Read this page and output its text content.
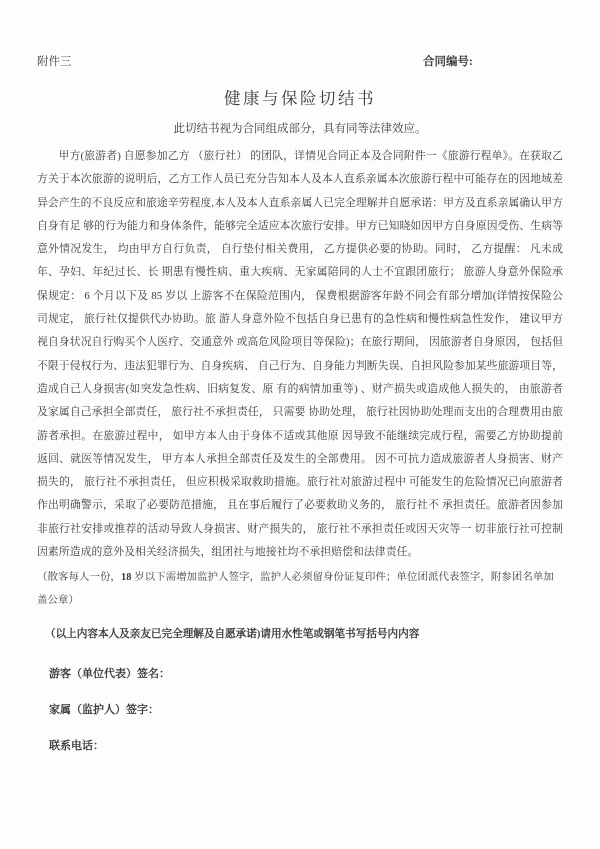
附件三	合同编号:
健康与保险切结书

此切结书视为合同组成部分，具有同等法律效应。

甲方(旅游者) 自愿参加乙方 （旅行社） 的团队，详情见合同正本及合同附件一《旅游行程单》。在获取乙方关于本次旅游的说明后，乙方工作人员已充分告知本人及本人直系亲属本次旅游行程中可能存在的因地域差异会产生的不良反应和旅途辛劳程度,本人及本人直系亲属人已完全理解并自愿承诺：甲方及直系亲属确认甲方自身有足 够的行为能力和身体条件，能够完全适应本次旅行安排。甲方已知晓如因甲方自身原因受伤、生病等意外情况发生， 均由甲方自行负责， 自行垫付相关费用， 乙方提供必要的协助。同时， 乙方提醒： 凡未成年、孕妇、年纪过长、长 期患有慢性病、重大疾病、无家属陪同的人士不宜跟团旅行； 旅游人身意外保险承保规定： 6 个月以下及 85 岁以 上游客不在保险范围内， 保费根据游客年龄不同会有部分增加(详情按保险公司规定， 旅行社仅提供代办协助。旅 游人身意外险不包括自身已患有的急性病和慢性病急性发作， 建议甲方视自身状况自行购买个人医疗、交通意外 或高危风险项目等保险)；在旅行期间， 因旅游者自身原因， 包括但不限于侵权行为、违法犯罪行为、自身疾病、 自己行为、自身能力判断失误、自担风险参加某些旅游项目等，造成自己人身损害(如突发急性病、旧病复发、原 有的病情加重等) 、财产损失或造成他人损失的， 由旅游者及家属自己承担全部责任， 旅行社不承担责任， 只需要 协助处理， 旅行社因协助处理而支出的合理费用由旅游者承担。在旅游过程中， 如甲方本人由于身体不适或其他原 因导致不能继续完成行程，需要乙方协助提前返回、就医等情况发生， 甲方本人承担全部责任及发生的全部费用。 因不可抗力造成旅游者人身损害、财产损失的， 旅行社不承担责任， 但应积极采取救助措施。旅行社对旅游过程中 可能发生的危险情况已向旅游者作出明确警示，采取了必要防范措施， 且在事后履行了必要救助义务的， 旅行社不 承担责任。旅游者因参加非旅行社安排或推荐的活动导致人身损害、财产损失的， 旅行社不承担责任或因天灾等一 切非旅行社可控制因素所造成的意外及相关经济损失，组团社与地接社均不承担赔偿和法律责任。

（散客每人一份，18 岁以下需增加监护人签字，监护人必须留身份证复印件；单位团派代表签字，附参团名单加盖公章）

（以上内容本人及亲友已完全理解及自愿承诺)请用水性笔或钢笔书写括号内内容

游客（单位代表）签名：
家属（监护人）签字：
联系电话：
